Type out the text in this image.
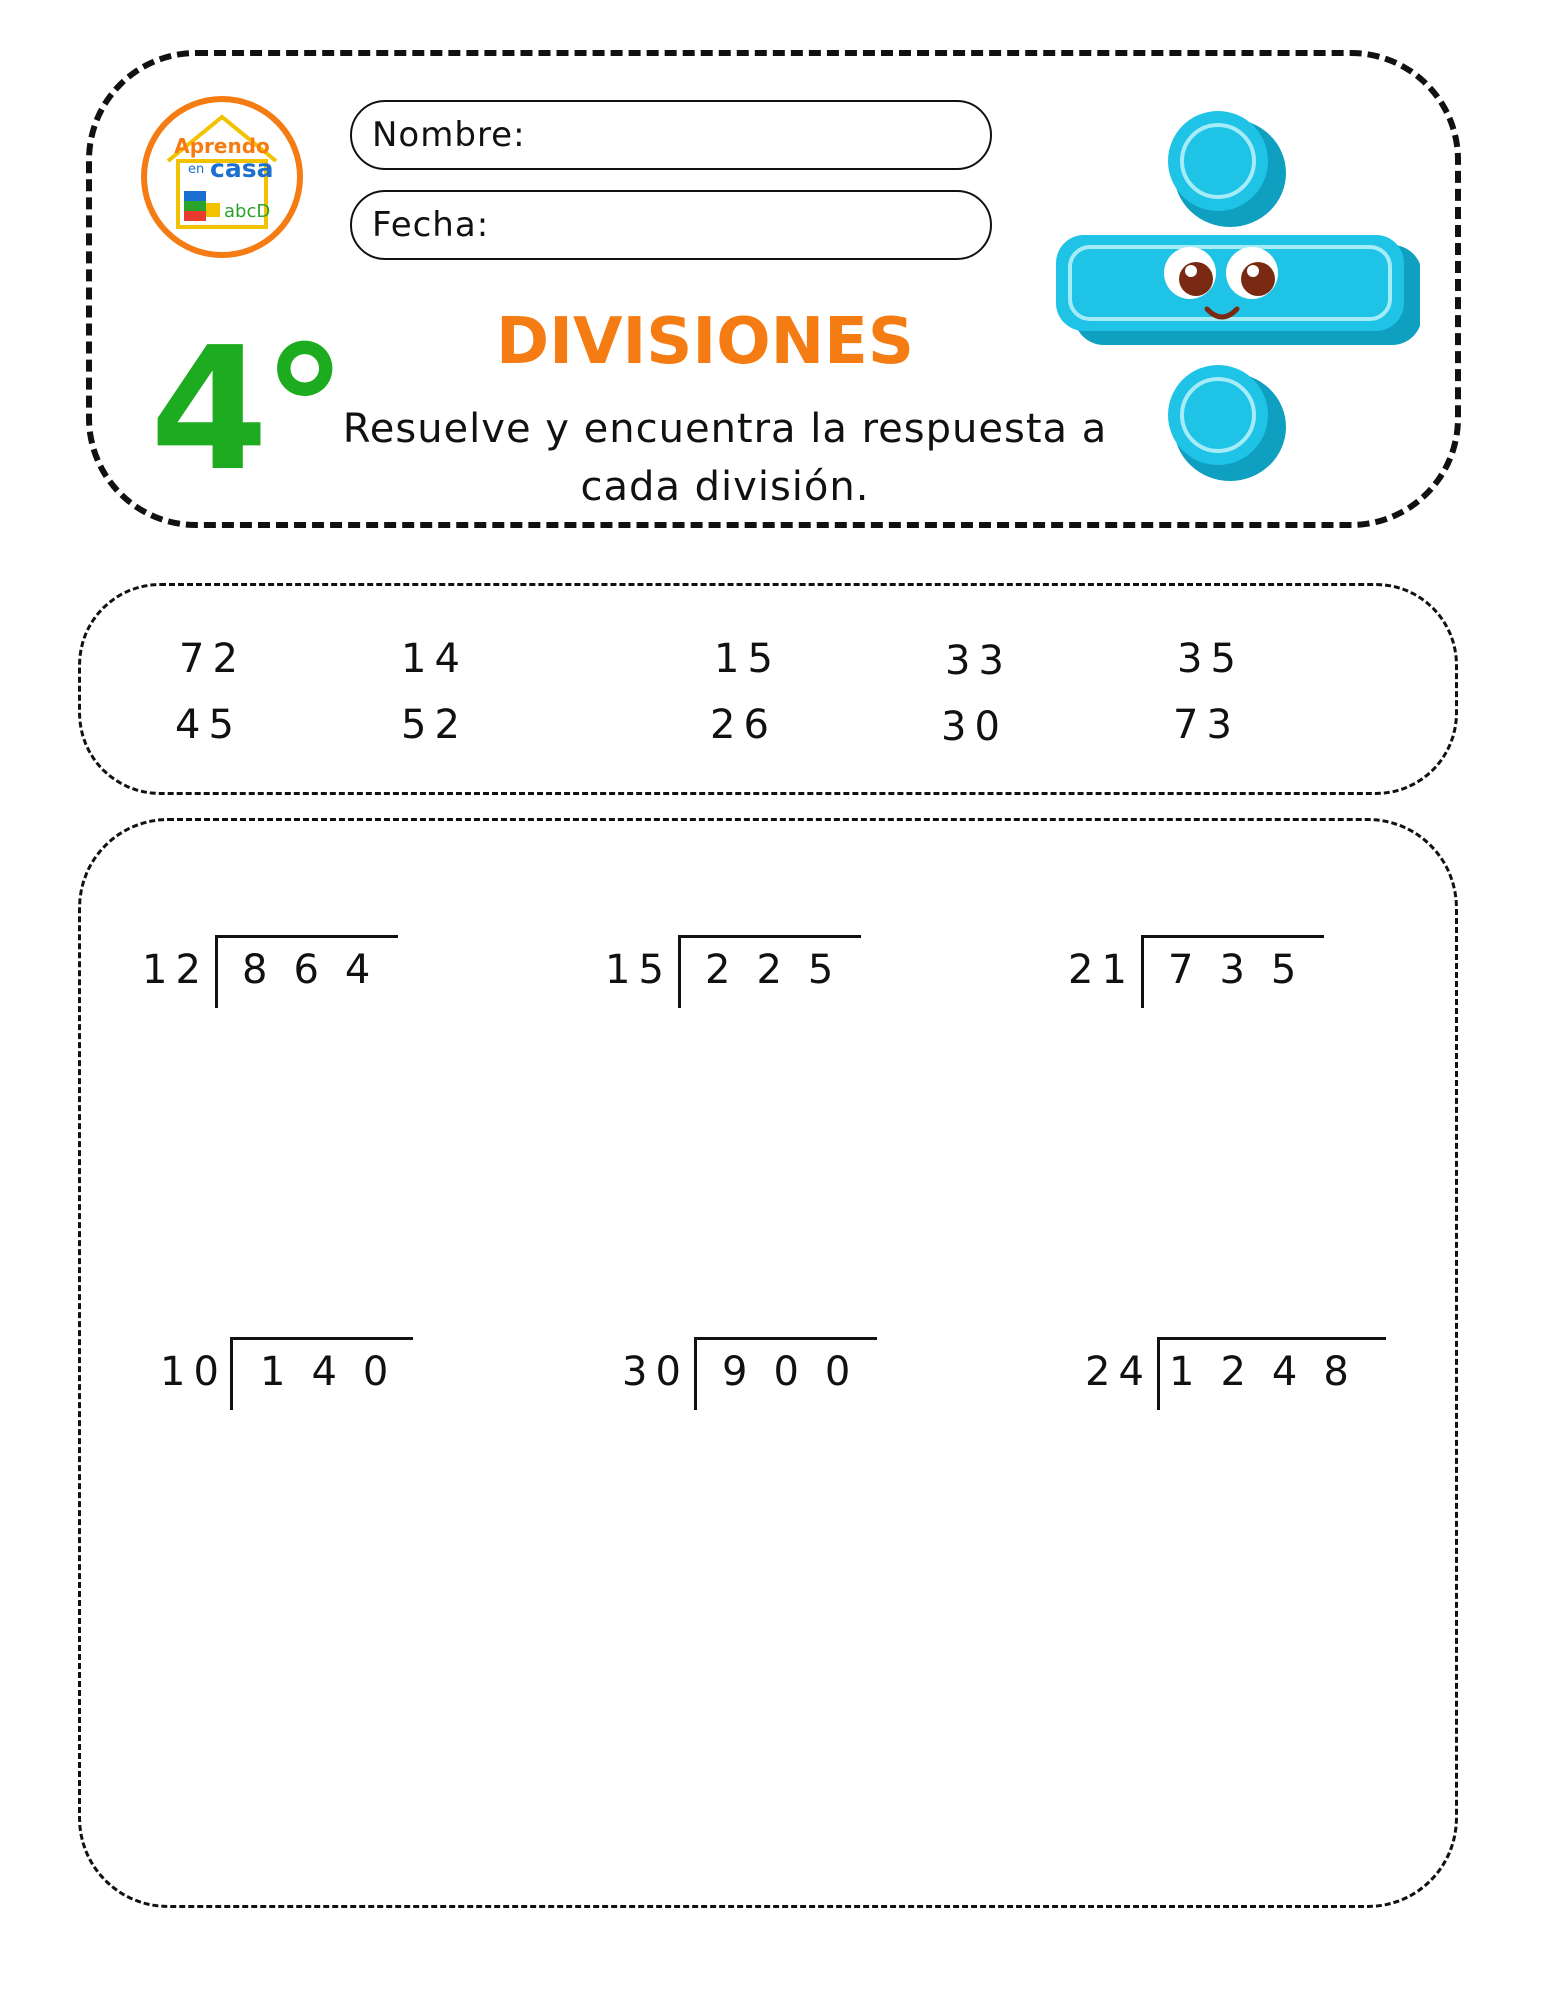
Aprendo
en casa
abcD
Nombre:
Fecha:
4°	DIVISIONES
Resuelve y encuentra la respuesta a cada división.
72
45
14
52
15
26
33
30
35
73
12 864	15 225	21 735
10 140	30 900	24 1248
